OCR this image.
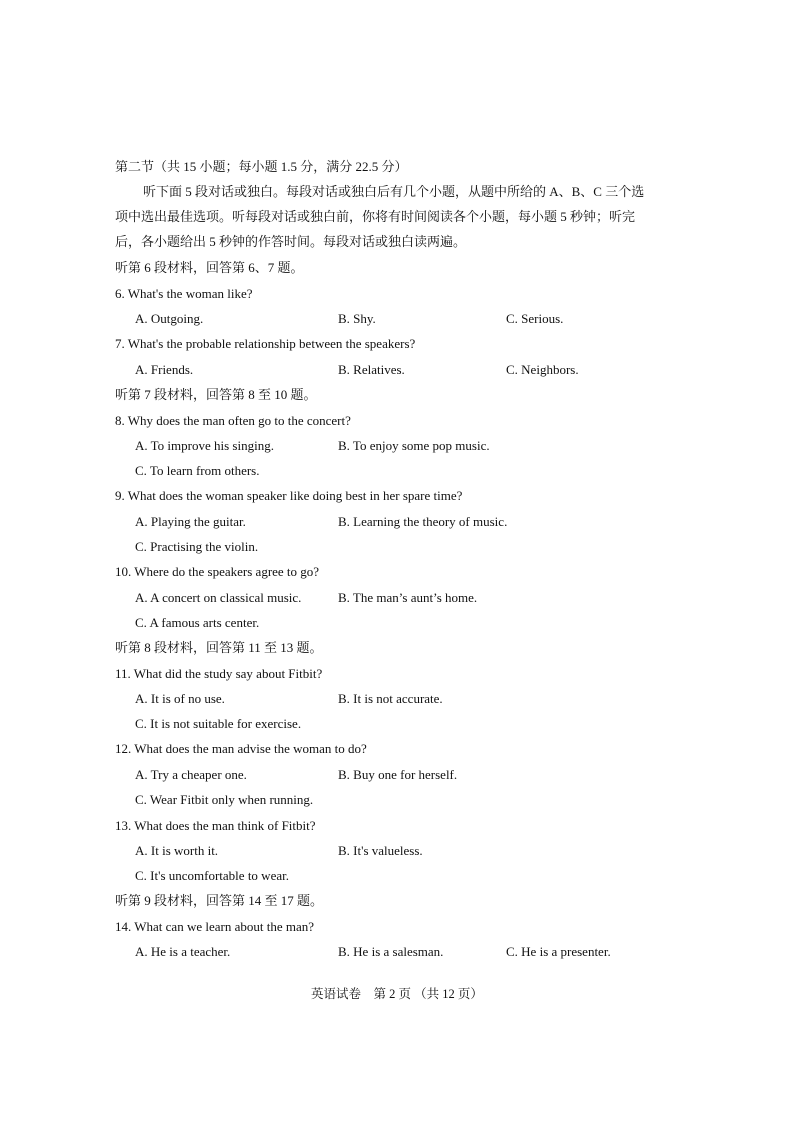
第二节（共 15 小题；每小题 1.5 分，满分 22.5 分）
听下面 5 段对话或独白。每段对话或独白后有几个小题，从题中所给的 A、B、C 三个选
项中选出最佳选项。听每段对话或独白前，你将有时间阅读各个小题，每小题 5 秒钟；听完
后，各小题给出 5 秒钟的作答时间。每段对话或独白读两遍。
听第 6 段材料，回答第 6、7 题。
6. What's the woman like?
A. Outgoing.	B. Shy.	C. Serious.
7. What's the probable relationship between the speakers?
A. Friends.	B. Relatives.	C. Neighbors.
听第 7 段材料，回答第 8 至 10 题。
8. Why does the man often go to the concert?
A. To improve his singing.	B. To enjoy some pop music.
C. To learn from others.
9. What does the woman speaker like doing best in her spare time?
A. Playing the guitar.	B. Learning the theory of music.
C. Practising the violin.
10. Where do the speakers agree to go?
A. A concert on classical music.	B. The man’s aunt’s home.
C. A famous arts center.
听第 8 段材料，回答第 11 至 13 题。
11. What did the study say about Fitbit?
A. It is of no use.	B. It is not accurate.
C. It is not suitable for exercise.
12. What does the man advise the woman to do?
A. Try a cheaper one.	B. Buy one for herself.
C. Wear Fitbit only when running.
13. What does the man think of Fitbit?
A. It is worth it.	B. It's valueless.
C. It's uncomfortable to wear.
听第 9 段材料，回答第 14 至 17 题。
14. What can we learn about the man?
A. He is a teacher.	B. He is a salesman.	C. He is a presenter.
英语试卷　第 2 页 （共 12 页）
